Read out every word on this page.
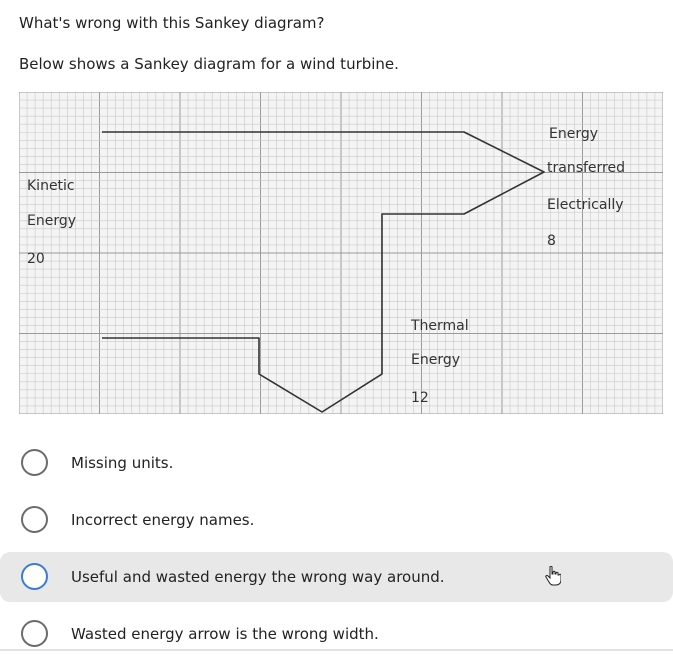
What's wrong with this Sankey diagram?
Below shows a Sankey diagram for a wind turbine.
Kinetic
Energy
20
Energy
transferred
Electrically
8
Thermal
Energy
12
Missing units.
Incorrect energy names.
Useful and wasted energy the wrong way around.
Wasted energy arrow is the wrong width.
